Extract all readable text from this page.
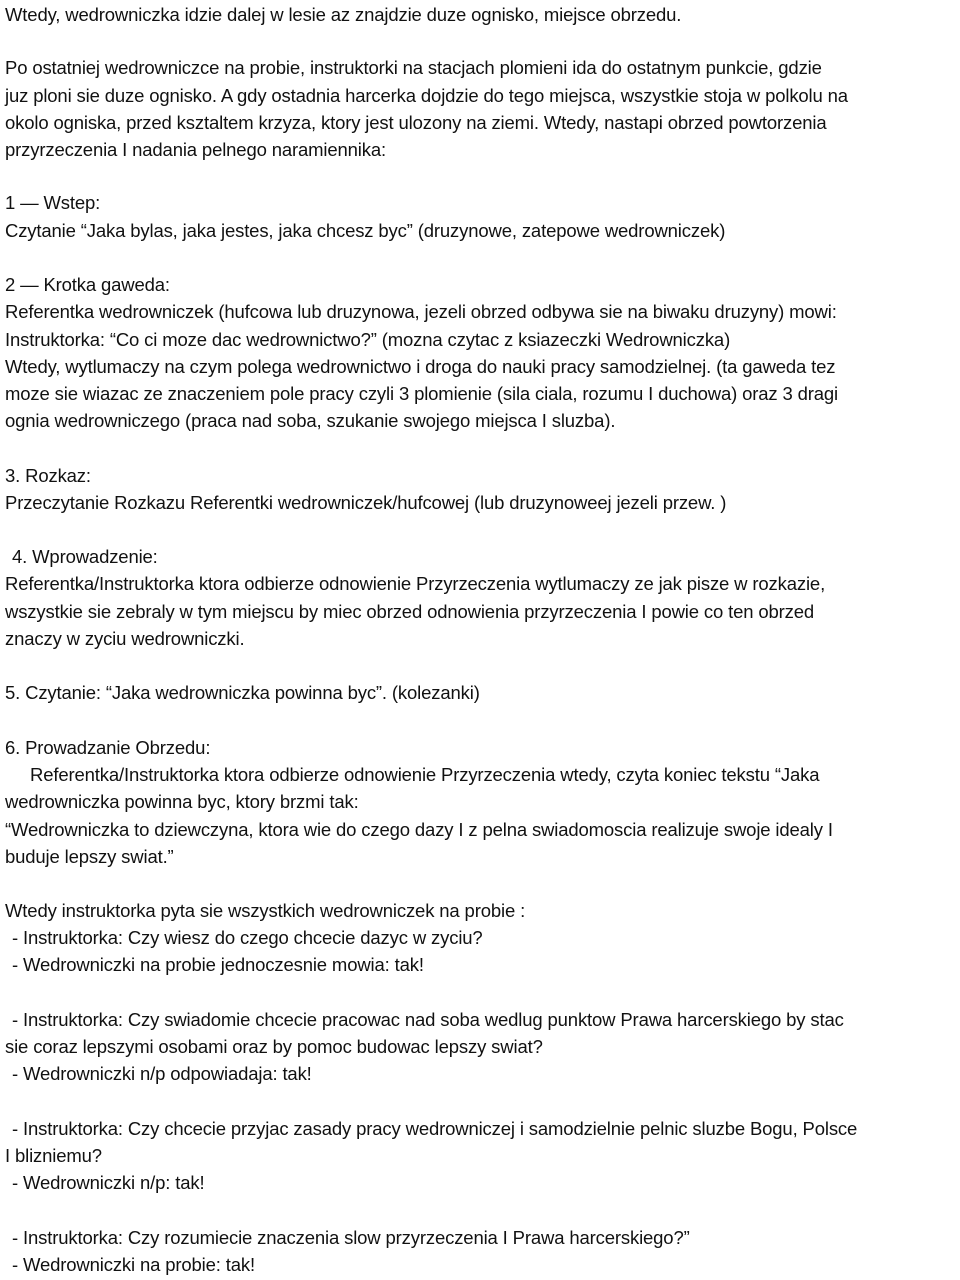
Wtedy, wedrowniczka idzie dalej w lesie az znajdzie duze ognisko, miejsce obrzedu.
Po ostatniej wedrowniczce na probie, instruktorki na stacjach plomieni ida do ostatnym punkcie, gdzie
juz ploni sie duze ognisko. A gdy ostadnia harcerka dojdzie do tego miejsca, wszystkie stoja w polkolu na
okolo ogniska, przed ksztaltem krzyza, ktory jest ulozony na ziemi. Wtedy, nastapi obrzed powtorzenia
przyrzeczenia I nadania pelnego naramiennika:
1 — Wstep:
Czytanie “Jaka bylas, jaka jestes, jaka chcesz byc” (druzynowe, zatepowe wedrowniczek)
2 — Krotka gaweda:
Referentka wedrowniczek (hufcowa lub druzynowa, jezeli obrzed odbywa sie na biwaku druzyny) mowi:
Instruktorka: “Co ci moze dac wedrownictwo?” (mozna czytac z ksiazeczki Wedrowniczka)
Wtedy, wytlumaczy na czym polega wedrownictwo i droga do nauki pracy samodzielnej. (ta gaweda tez
moze sie wiazac ze znaczeniem pole pracy czyli 3 plomienie (sila ciala, rozumu I duchowa) oraz 3 dragi
ognia wedrowniczego (praca nad soba, szukanie swojego miejsca I sluzba).
3. Rozkaz:
Przeczytanie Rozkazu Referentki wedrowniczek/hufcowej (lub druzynoweej jezeli przew. )
4. Wprowadzenie:
Referentka/Instruktorka ktora odbierze odnowienie Przyrzeczenia wytlumaczy ze jak pisze w rozkazie,
wszystkie sie zebraly w tym miejscu by miec obrzed odnowienia przyrzeczenia I powie co ten obrzed
znaczy w zyciu wedrowniczki.
5. Czytanie: “Jaka wedrowniczka powinna byc”. (kolezanki)
6. Prowadzanie Obrzedu:
Referentka/Instruktorka ktora odbierze odnowienie Przyrzeczenia wtedy, czyta koniec tekstu “Jaka
wedrowniczka powinna byc, ktory brzmi tak:
“Wedrowniczka to dziewczyna, ktora wie do czego dazy I z pelna swiadomoscia realizuje swoje idealy I
buduje lepszy swiat.”
Wtedy instruktorka pyta sie wszystkich wedrowniczek na probie :
- Instruktorka: Czy wiesz do czego chcecie dazyc w zyciu?
- Wedrowniczki na probie jednoczesnie mowia: tak!
- Instruktorka: Czy swiadomie chcecie pracowac nad soba wedlug punktow Prawa harcerskiego by stac
sie coraz lepszymi osobami oraz by pomoc budowac lepszy swiat?
- Wedrowniczki n/p odpowiadaja: tak!
- Instruktorka: Czy chcecie przyjac zasady pracy wedrowniczej i samodzielnie pelnic sluzbe Bogu, Polsce
I blizniemu?
- Wedrowniczki n/p: tak!
- Instruktorka: Czy rozumiecie znaczenia slow przyrzeczenia I Prawa harcerskiego?”
- Wedrowniczki na probie: tak!
